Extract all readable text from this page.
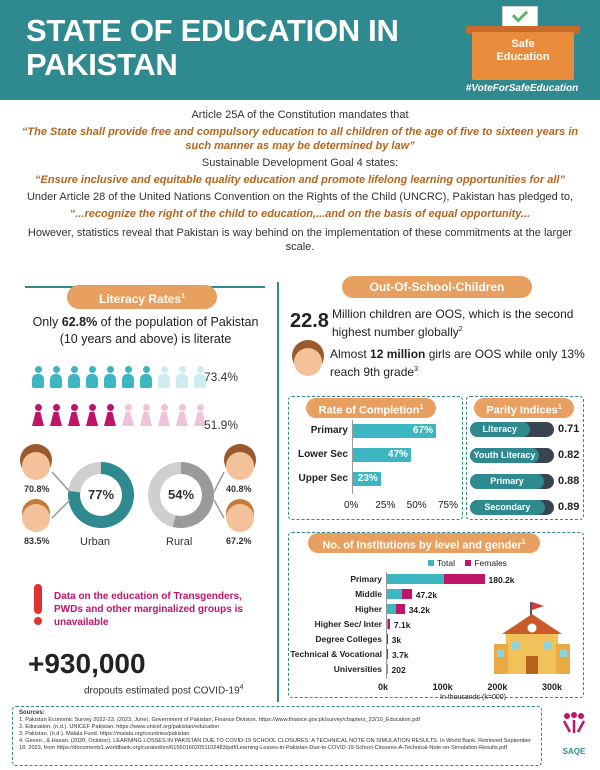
STATE OF EDUCATION IN PAKISTAN
Safe
Education
#VoteForSafeEducation

Article 25A of the Constitution mandates that

“The State shall provide free and compulsory education to all children of the age of five to sixteen years in such manner as may be determined by law”

Sustainable Development Goal 4 states:

“Ensure inclusive and equitable quality education and promote lifelong learning opportunities for all”

Under Article 28 of the United Nations Convention on the Rights of the Child (UNCRC), Pakistan has pledged to,

“...recognize the right of the child to education,...and on the basis of equal opportunity...

However, statistics reveal that Pakistan is way behind on the implementation of these commitments at the larger scale.

Literacy Rates$^1$
Only 62.8% of the population of Pakistan (10 years and above) is literate
73.4%
51.9%
70.8%
83.5%
77%
Urban
54%
Rural
40.8%
67.2%
Data on the education of Transgenders, PWDs and other marginalized groups is unavailable
+930,000
dropouts estimated post COVID-$19^4$
Out-Of-School-Children
22.8 Million children are OOS, which is the second highest number globally$^2$
Almost 12 million girls are OOS while only 13% reach 9th grade$^3$
Rate of Completion$^1$
Primary	67%
Lower Sec	47%
Upper Sec 23%
0% 25% 50% 75%
Parity Indices$^1$
Literacy	0.71
Youth Literacy	0.82
Primary	0.88
Secondary	0.89
No. of Institutions by level and gender$^1$
Total Females
Primary	180.2k
Middle	47.2k
Higher	34.2k
Higher Sec/ Inter 7.1k
Degree Colleges 3k
Technical & Vocational 3.7k
Universities 202
0k	100k	200k	300k
In thousands (k=000)
Sources:
1. Pakistan Economic Survey 2022-23. (2023, June). Government of Pakistan, Finance Division. https://www.finance.gov.pk/survey/chapters_23/10_Education.pdf
2. Education. (n.d.). UNICEF Pakistan. https://www.unicef.org/pakistan/education
3. Pakistan. (n.d.). Malala Fund. https://malala.org/countries/pakistan
4. Geven., & Hasan. (2020, October). LEARNING LOSSES IN PAKISTAN DUE TO COVID-19 SCHOOL CLOSURES: A TECHNICAL NOTE ON SIMULATION RESULTS. In World Bank. Retrieved September 18, 2023, from https://documents1.worldbank.org/curated/en/615601602051102483/pdf/Learning-Losses-in-Pakistan-Due-to-COVID-19-School-Closures-A-Technical-Note-on-Simulation-Results.pdf	SAQE
